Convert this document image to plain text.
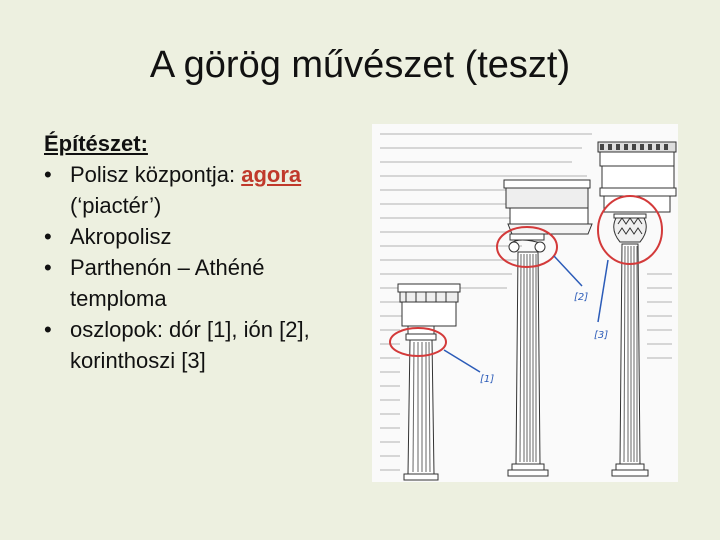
A görög művészet (teszt)
Építészet:
• Polisz központja: agora (‘piactér’)
• Akropolisz
• Parthenón – Athéné temploma
• oszlopok: dór [1], ión [2], korinthoszi [3]
[1]
[2]
[3]
